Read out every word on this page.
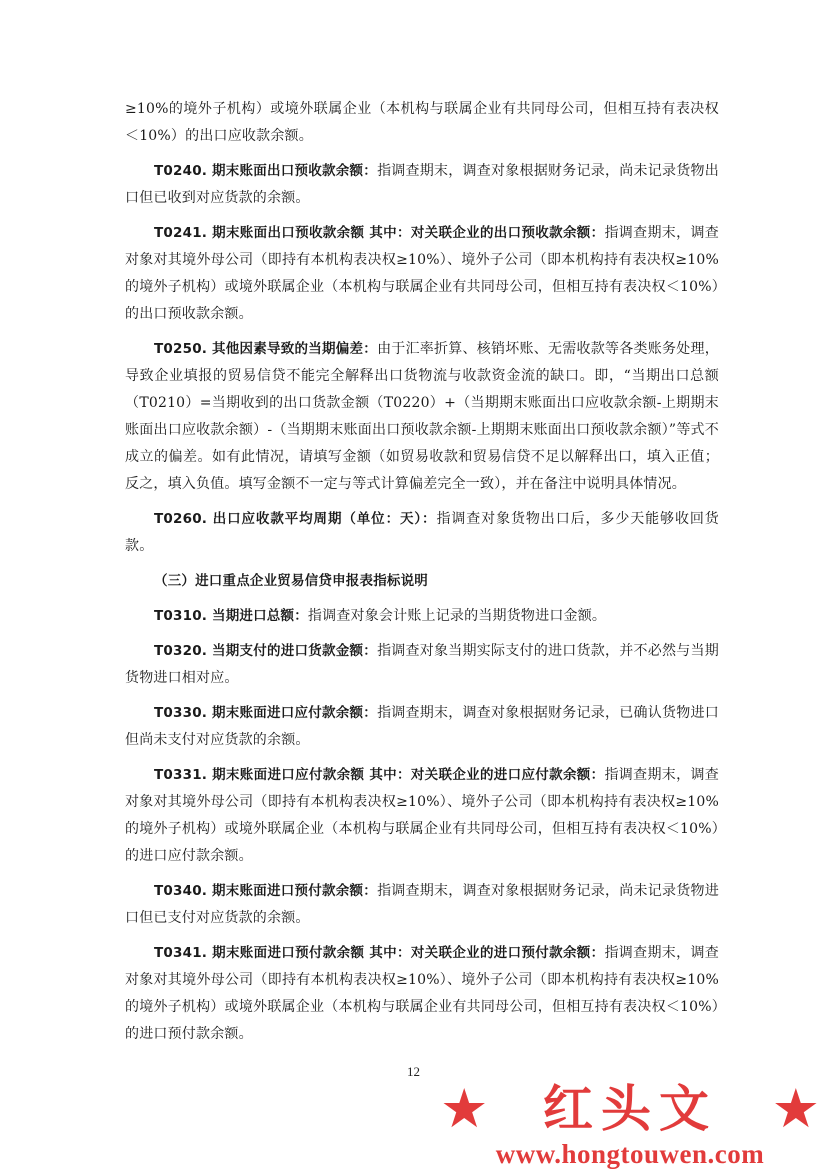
≥10%的境外子机构）或境外联属企业（本机构与联属企业有共同母公司，但相互持有表决权＜10%）的出口应收款余额。

T0240. 期末账面出口预收款余额：指调查期末，调查对象根据财务记录，尚未记录货物出口但已收到对应货款的余额。

T0241. 期末账面出口预收款余额 其中：对关联企业的出口预收款余额：指调查期末，调查对象对其境外母公司（即持有本机构表决权≥10%）、境外子公司（即本机构持有表决权≥10%的境外子机构）或境外联属企业（本机构与联属企业有共同母公司，但相互持有表决权＜10%）的出口预收款余额。

T0250. 其他因素导致的当期偏差：由于汇率折算、核销坏账、无需收款等各类账务处理，导致企业填报的贸易信贷不能完全解释出口货物流与收款资金流的缺口。即，“当期出口总额（T0210）=当期收到的出口货款金额（T0220）+（当期期末账面出口应收款余额-上期期末账面出口应收款余额）-（当期期末账面出口预收款余额-上期期末账面出口预收款余额）”等式不成立的偏差。如有此情况，请填写金额（如贸易收款和贸易信贷不足以解释出口，填入正值；反之，填入负值。填写金额不一定与等式计算偏差完全一致），并在备注中说明具体情况。

T0260. 出口应收款平均周期（单位：天）：指调查对象货物出口后，多少天能够收回货款。

（三）进口重点企业贸易信贷申报表指标说明

T0310. 当期进口总额：指调查对象会计账上记录的当期货物进口金额。

T0320. 当期支付的进口货款金额：指调查对象当期实际支付的进口货款，并不必然与当期货物进口相对应。

T0330. 期末账面进口应付款余额：指调查期末，调查对象根据财务记录，已确认货物进口但尚未支付对应货款的余额。

T0331. 期末账面进口应付款余额 其中：对关联企业的进口应付款余额：指调查期末，调查对象对其境外母公司（即持有本机构表决权≥10%）、境外子公司（即本机构持有表决权≥10%的境外子机构）或境外联属企业（本机构与联属企业有共同母公司，但相互持有表决权＜10%）的进口应付款余额。

T0340. 期末账面进口预付款余额：指调查期末，调查对象根据财务记录，尚未记录货物进口但已支付对应货款的余额。

T0341. 期末账面进口预付款余额 其中：对关联企业的进口预付款余额：指调查期末，调查对象对其境外母公司（即持有本机构表决权≥10%）、境外子公司（即本机构持有表决权≥10%的境外子机构）或境外联属企业（本机构与联属企业有共同母公司，但相互持有表决权＜10%）的进口预付款余额。

12
★ 红头文 ★
www.hongtouwen.com
